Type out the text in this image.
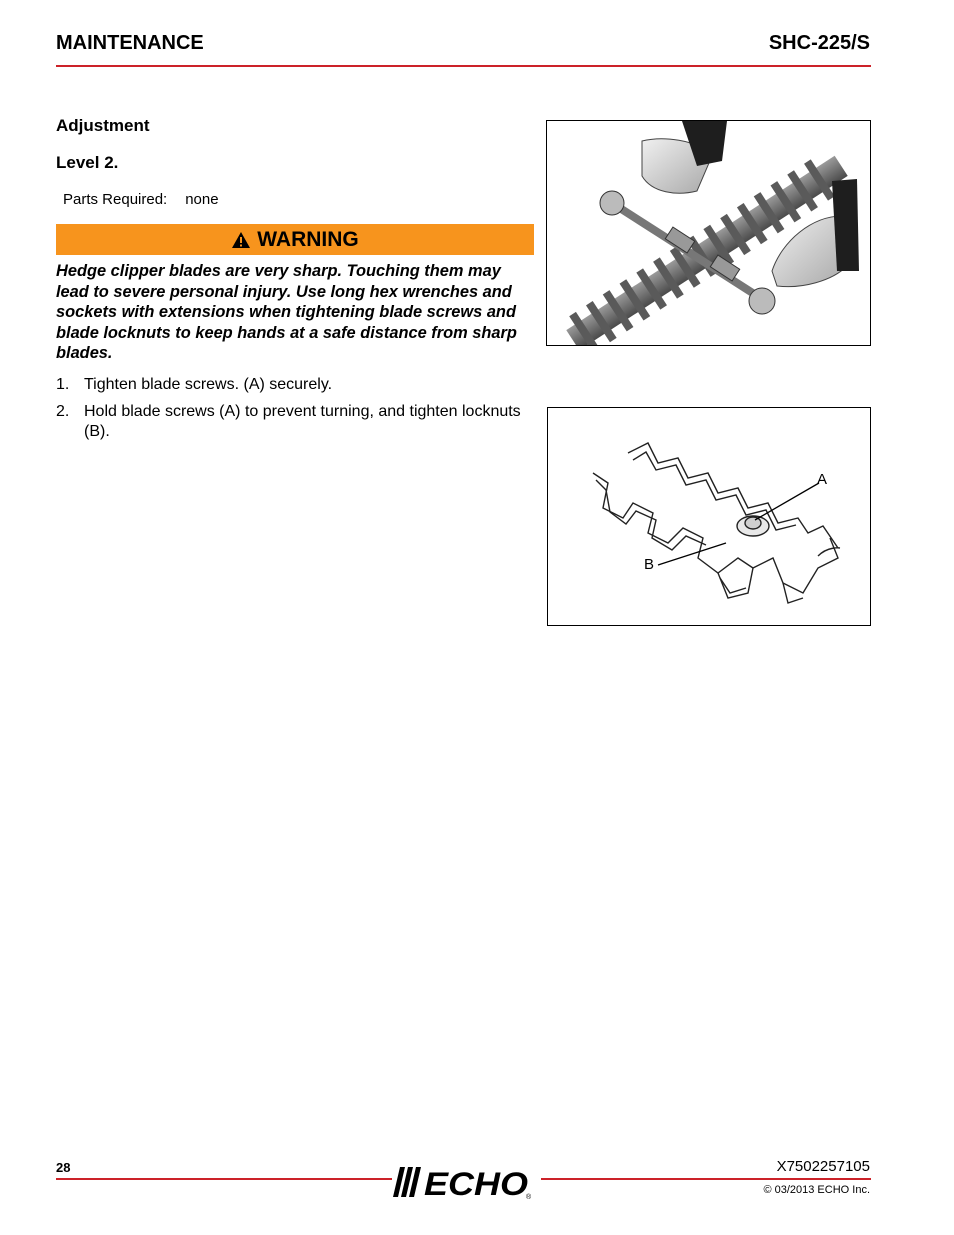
MAINTENANCE	SHC-225/S
Adjustment
Level 2.
Parts Required: none
WARNING
Hedge clipper blades are very sharp. Touching them may lead to severe personal injury. Use long hex wrenches and sockets with extensions when tightening blade screws and blade locknuts to keep hands at a safe distance from sharp blades.
1. Tighten blade screws. (A) securely.
2. Hold blade screws (A) to prevent turning, and tighten locknuts (B).
A
B
28	ECHO
®
X7502257105
© 03/2013 ECHO Inc.
